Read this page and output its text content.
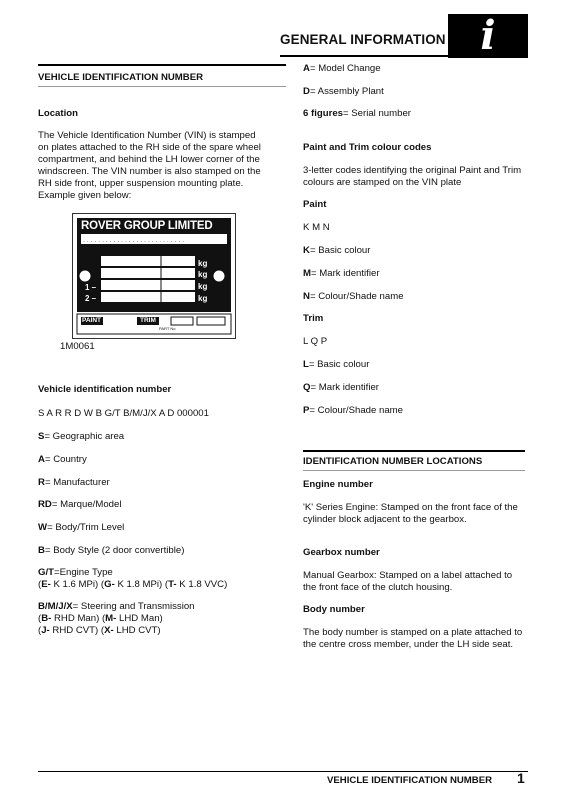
GENERAL INFORMATION i
VEHICLE IDENTIFICATION NUMBER
Location
The Vehicle Identification Number (VIN) is stamped
on plates attached to the RH side of the spare wheel
compartment, and behind the LH lower corner of the
windscreen. The VIN number is also stamped on the
RH side front, upper suspension mounting plate.
Example given below:
. . . . . . . . . . . . . . . . . . . . . . . . . . .
ROVER GROUP LIMITED
kg
kg
kg
kg
1 –
2 –
PAINT	TRIM
PART No
1M0061
Vehicle identification number
S A R R D W B G/T B/M/J/X A D 000001
S= Geographic area
A= Country
R= Manufacturer
RD= Marque/Model
W= Body/Trim Level
B= Body Style (2 door convertible)
G/T=Engine Type
(E- K 1.6 MPi) (G- K 1.8 MPi) (T- K 1.8 VVC)
B/M/J/X= Steering and Transmission
(B- RHD Man) (M- LHD Man)
(J- RHD CVT) (X- LHD CVT)
A= Model Change
D= Assembly Plant
6 figures= Serial number
Paint and Trim colour codes
3-letter codes identifying the original Paint and Trim
colours are stamped on the VIN plate
Paint
K M N
K= Basic colour
M= Mark identifier
N= Colour/Shade name
Trim
L Q P
L= Basic colour
Q= Mark identifier
P= Colour/Shade name
IDENTIFICATION NUMBER LOCATIONS
Engine number
'K' Series Engine: Stamped on the front face of the
cylinder block adjacent to the gearbox.
Gearbox number
Manual Gearbox: Stamped on a label attached to
the front face of the clutch housing.
Body number
The body number is stamped on a plate attached to
the centre cross member, under the LH side seat.
VEHICLE IDENTIFICATION NUMBER 1
